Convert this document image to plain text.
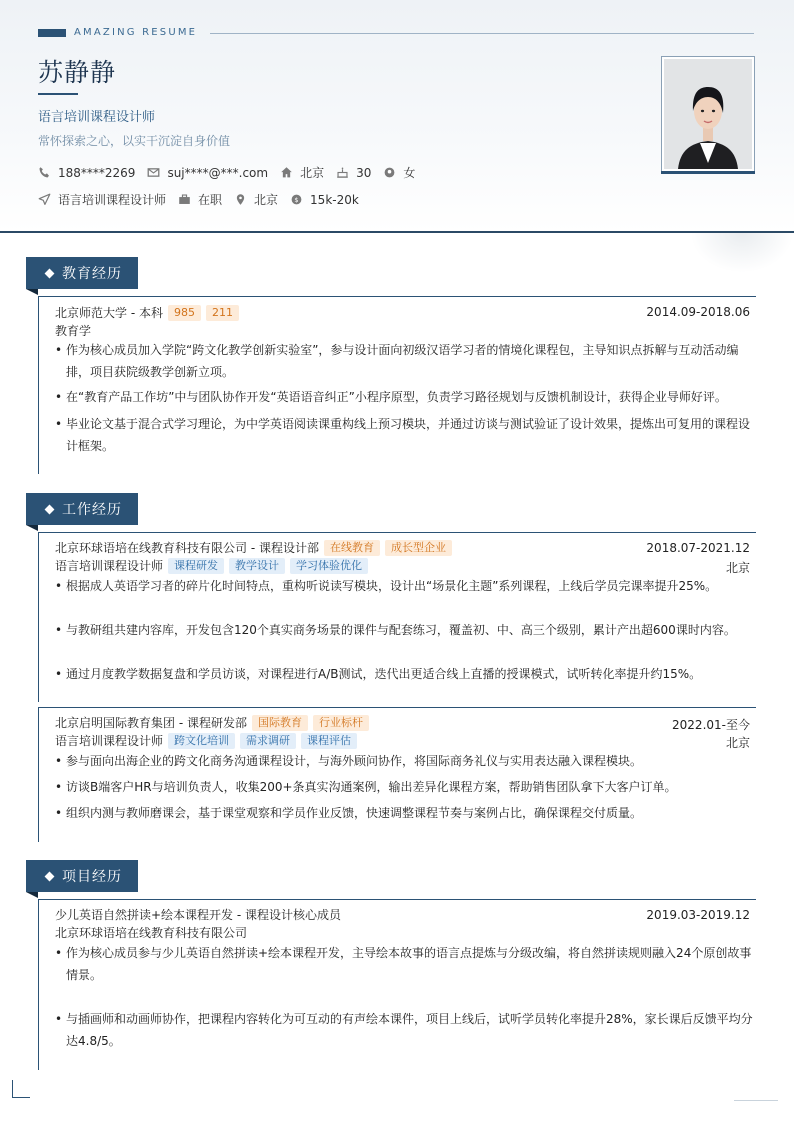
AMAZING RESUME
苏静静
语言培训课程设计师
常怀探索之心，以实干沉淀自身价值
188****2269	suj****@***.com	北京	30	女
语言培训课程设计师	在职	北京 $ 15k-20k
教育经历
北京师范大学 - 本科	985	211	2014.09-2018.06
教育学
• 作为核心成员加入学院“跨文化教学创新实验室”，参与设计面向初级汉语学习者的情境化课程包，主导知识点拆解与互动活动编
排，项目获院级教学创新立项。
• 在“教育产品工作坊”中与团队协作开发“英语语音纠正”小程序原型，负责学习路径规划与反馈机制设计，获得企业导师好评。
• 毕业论文基于混合式学习理论，为中学英语阅读课重构线上预习模块，并通过访谈与测试验证了设计效果，提炼出可复用的课程设
计框架。
工作经历
北京环球语培在线教育科技有限公司 - 课程设计部	在线教育	成长型企业	2018.07-2021.12
语言培训课程设计师	课程研发	教学设计	学习体验优化	北京
• 根据成人英语学习者的碎片化时间特点，重构听说读写模块，设计出“场景化主题”系列课程，上线后学员完课率提升25%。
• 与教研组共建内容库，开发包含120个真实商务场景的课件与配套练习，覆盖初、中、高三个级别，累计产出超600课时内容。
• 通过月度教学数据复盘和学员访谈，对课程进行A/B测试，迭代出更适合线上直播的授课模式，试听转化率提升约15%。
北京启明国际教育集团 - 课程研发部	国际教育	行业标杆	2022.01-至今
语言培训课程设计师	跨文化培训	需求调研	课程评估	北京
• 参与面向出海企业的跨文化商务沟通课程设计，与海外顾问协作，将国际商务礼仪与实用表达融入课程模块。
• 访谈B端客户HR与培训负责人，收集200+条真实沟通案例，输出差异化课程方案，帮助销售团队拿下大客户订单。
• 组织内测与教师磨课会，基于课堂观察和学员作业反馈，快速调整课程节奏与案例占比，确保课程交付质量。
项目经历
少儿英语自然拼读+绘本课程开发 - 课程设计核心成员	2019.03-2019.12
北京环球语培在线教育科技有限公司
• 作为核心成员参与少儿英语自然拼读+绘本课程开发，主导绘本故事的语言点提炼与分级改编，将自然拼读规则融入24个原创故事
情景。
• 与插画师和动画师协作，把课程内容转化为可互动的有声绘本课件，项目上线后，试听学员转化率提升28%，家长课后反馈平均分
达4.8/5。
